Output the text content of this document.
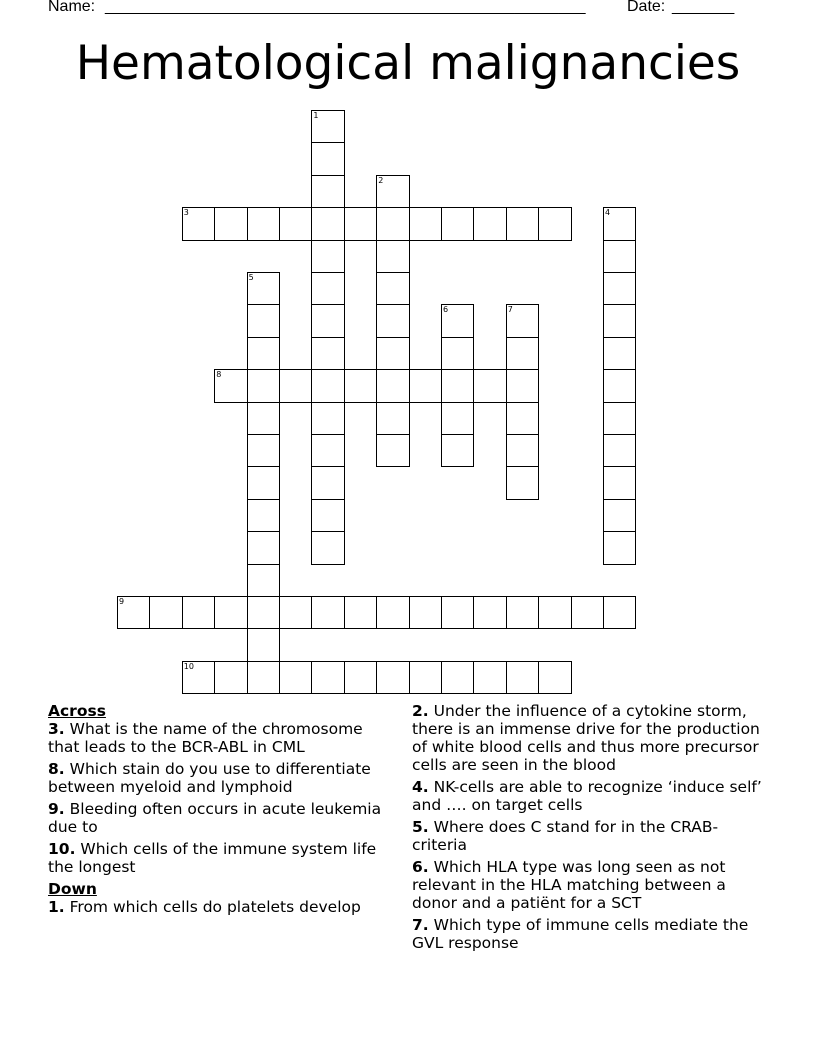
Name: ______________________________________________________	Date: _______
Hematological malignancies
1
2
3	4
5
6	7
8
9
10

Across

3. What is the name of the chromosome that leads to the BCR-ABL in CML
8. Which stain do you use to differentiate between myeloid and lymphoid
9. Bleeding often occurs in acute leukemia due to
10. Which cells of the immune system life the longest

Down

1. From which cells do platelets develop
2. Under the influence of a cytokine storm, there is an immense drive for the production of white blood cells and thus more precursor cells are seen in the blood
4. NK-cells are able to recognize ‘induce self’ and …. on target cells
5. Where does C stand for in the CRAB-criteria
6. Which HLA type was long seen as not relevant in the HLA matching between a donor and a patiënt for a SCT
7. Which type of immune cells mediate the GVL response
